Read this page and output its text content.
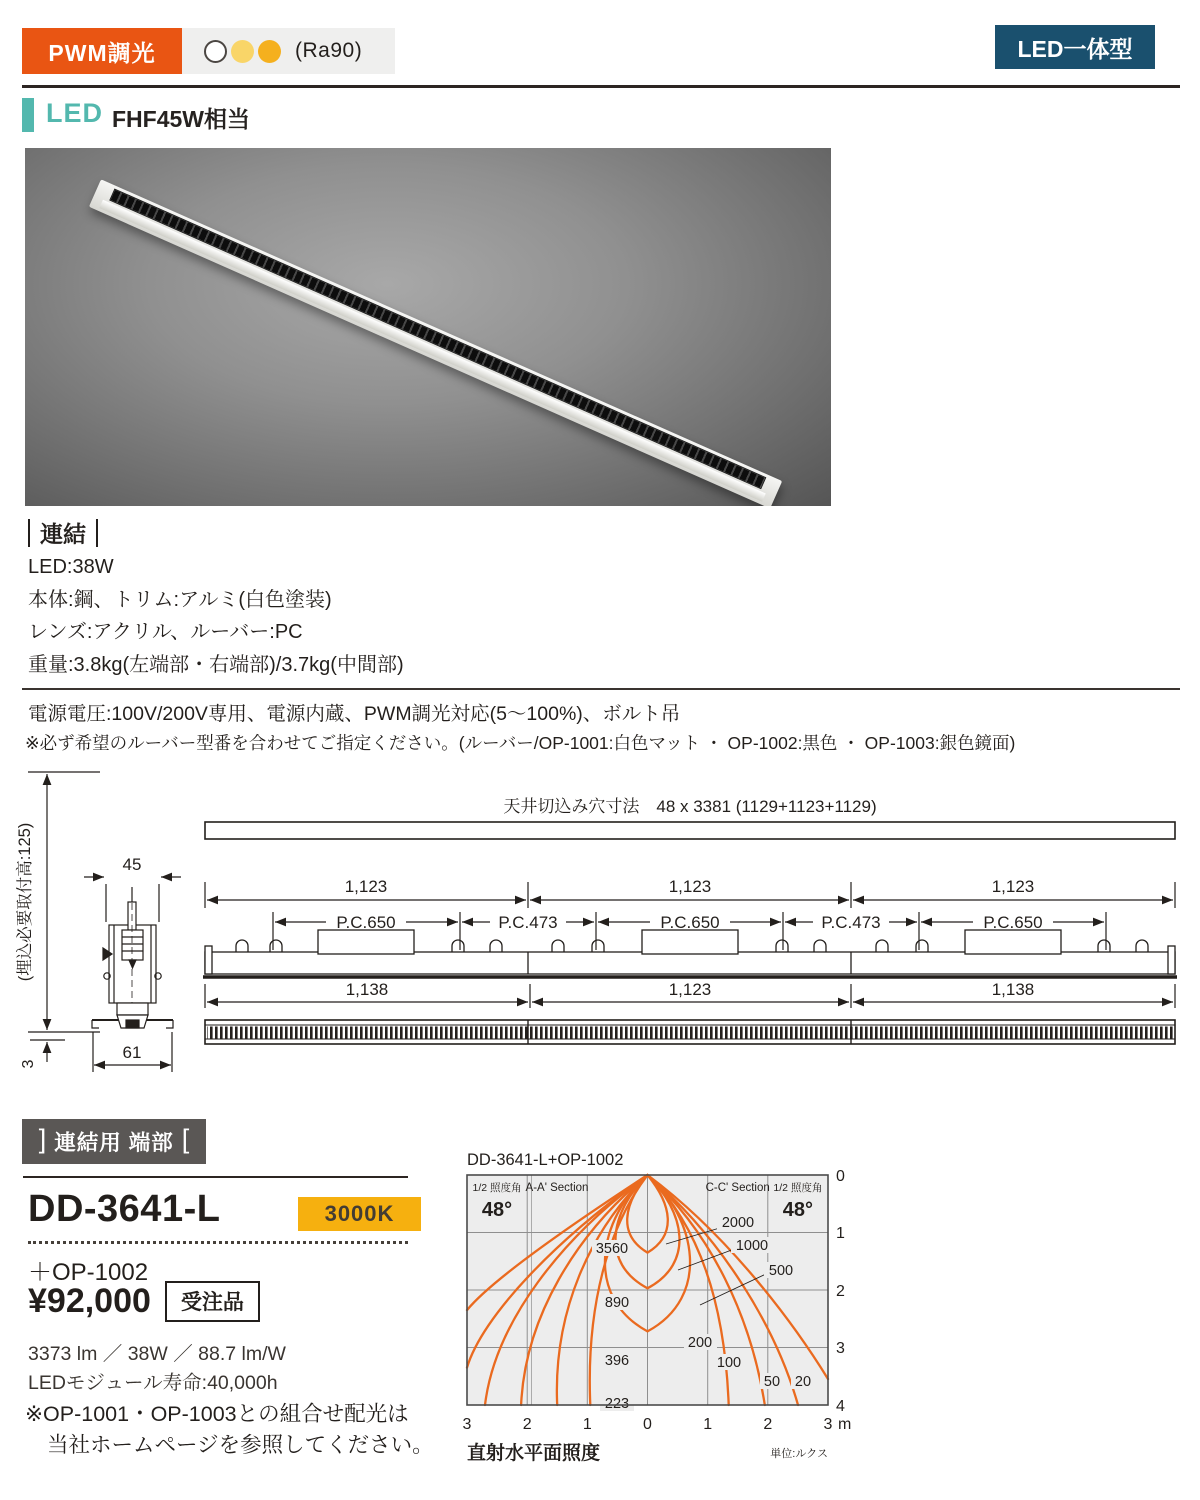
PWM調光	(Ra90)	LED一体型
LED FHF45W相当
連結
LED:38W
本体:鋼、トリム:アルミ(白色塗装)
レンズ:アクリル、ルーバー:PC
重量:3.8kg(左端部・右端部)/3.7kg(中間部)
電源電圧:100V/200V専用、電源内蔵、PWM調光対応(5〜100%)、ボルト吊
※必ず希望のルーバー型番を合わせてご指定ください。(ルーバー/OP-1001:白色マット ・ OP-1002:黒色 ・ OP-1003:銀色鏡面)
天井切込み穴寸法　48 x 3381 (1129+1123+1129)
1,123	1,123	1,123
P.C.650	P.C.473	P.C.650	P.C.473	P.C.650
1,138	1,123	1,138
45
61
(埋込必要取付高:125)
3
] 連結用 端部 [
DD-3641-L	3000K
＋OP-1002
¥92,000	受注品
3373 lm ／ 38W ／ 88.7 lm/W
LEDモジュール寿命:40,000h
※OP-1001・OP-1003との組合せ配光は
当社ホームページを参照してください。
DD-3641-L+OP-1002
3560
890
396
223
2000
1000
500
200
100
50 20
1/2 照度角
48°
A-A' Section	C-C' Section 1/2 照度角
48°
0
1
2
3
4
3	2	1	0	1	2	3 m
直射水平面照度	単位:ルクス
